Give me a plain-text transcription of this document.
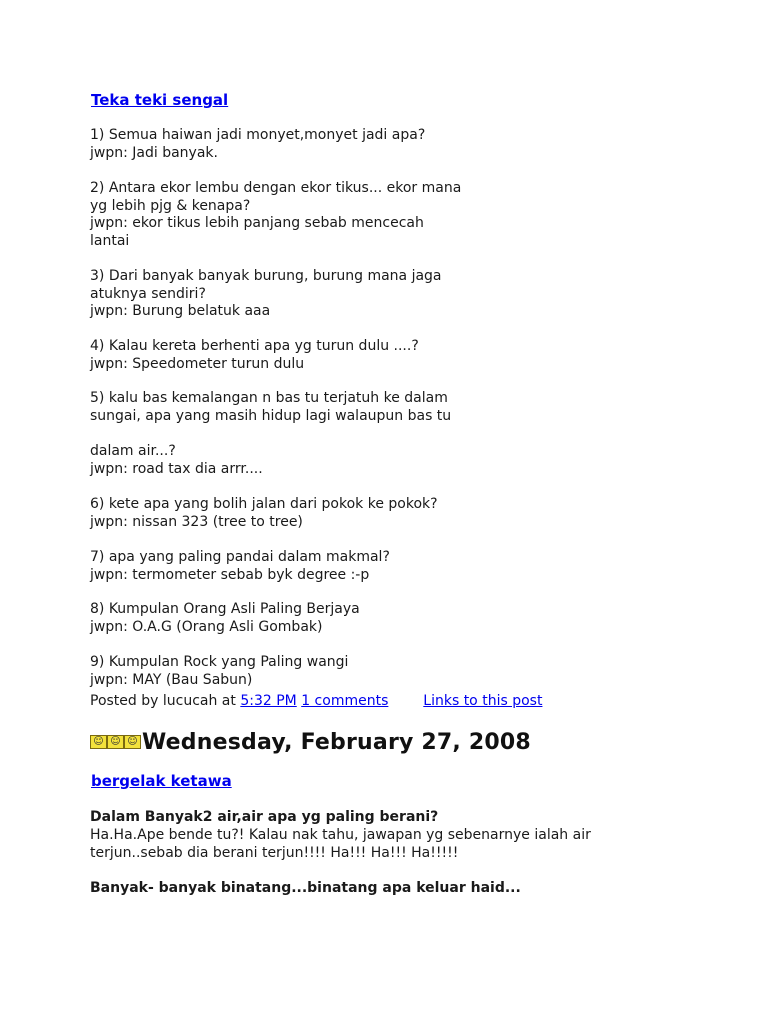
Teka teki sengal
1) Semua haiwan jadi monyet,monyet jadi apa?
jwpn: Jadi banyak.
2) Antara ekor lembu dengan ekor tikus... ekor mana
yg lebih pjg & kenapa?
jwpn: ekor tikus lebih panjang sebab mencecah
lantai
3) Dari banyak banyak burung, burung mana jaga
atuknya sendiri?
jwpn: Burung belatuk aaa
4) Kalau kereta berhenti apa yg turun dulu ....?
jwpn: Speedometer turun dulu
5) kalu bas kemalangan n bas tu terjatuh ke dalam
sungai, apa yang masih hidup lagi walaupun bas tu
dalam air...?
jwpn: road tax dia arrr....
6) kete apa yang bolih jalan dari pokok ke pokok?
jwpn: nissan 323 (tree to tree)
7) apa yang paling pandai dalam makmal?
jwpn: termometer sebab byk degree :-p
8) Kumpulan Orang Asli Paling Berjaya
jwpn: O.A.G (Orang Asli Gombak)
9) Kumpulan Rock yang Paling wangi
jwpn: MAY (Bau Sabun)
Posted by lucucah at 5:32 PM 1 comments Links to this post
☺ ☺ ☺ Wednesday, February 27, 2008
bergelak ketawa
Dalam Banyak2 air,air apa yg paling berani?
Ha.Ha.Ape bende tu?! Kalau nak tahu, jawapan yg sebenarnye ialah air
terjun..sebab dia berani terjun!!!! Ha!!! Ha!!! Ha!!!!!
Banyak- banyak binatang...binatang apa keluar haid...
